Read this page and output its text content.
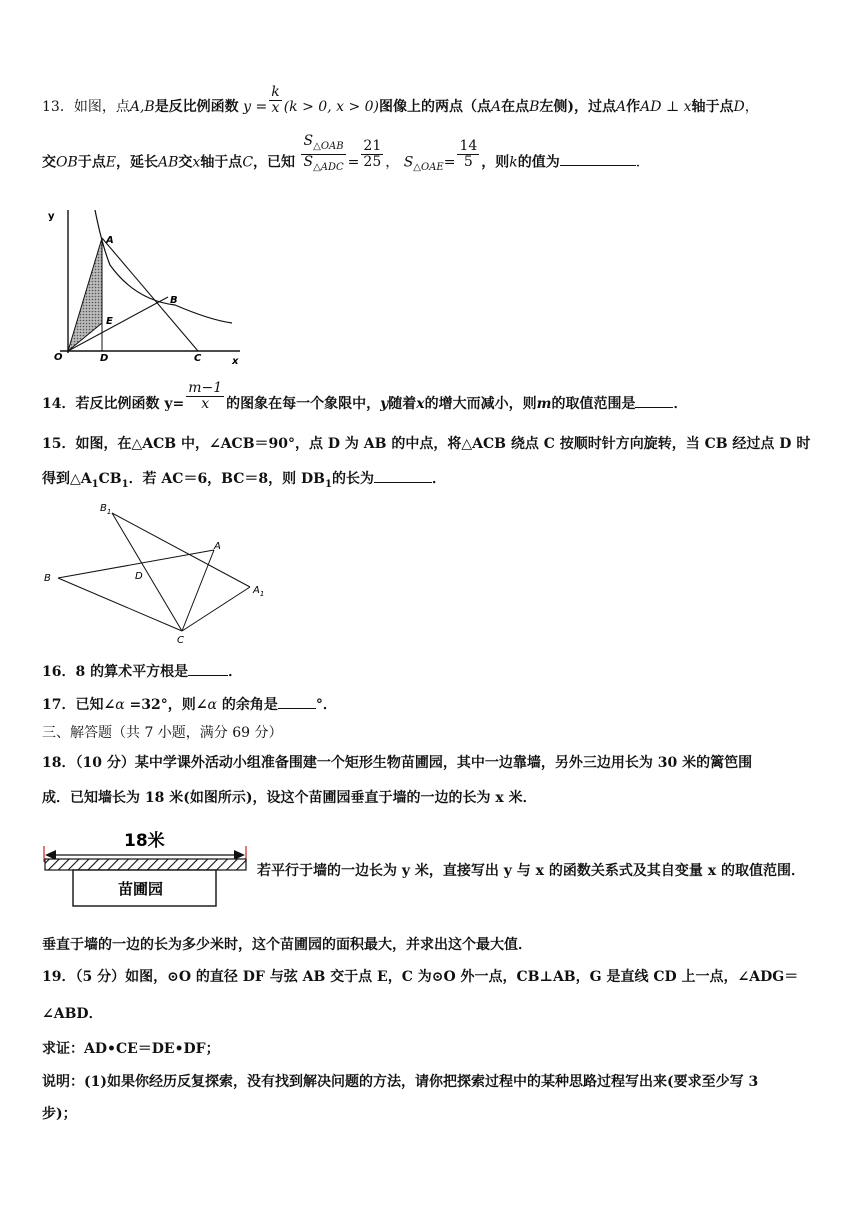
13．如图，点A,B是反比例函数 $y = \frac{k}{x} (k > 0$, x > 0)图像上的两点（点A在点B左侧)，过点A作AD ⊥ x轴于点D，
交OB于点E，延长AB交x轴于点C，已知 $\frac{S_{\triangle OAB}}{S_{\triangle ADC}} = \frac{21}{25}$ ， $S_{\triangle OAE}= \frac{14}{5}$ ，则k的值为	．
y
A
B
E
O	D	C	x
14．若反比例函数 $y= \frac{m-1}{x}$ 的图象在每一个象限中，y随着x的增大而减小，则m的取值范围是	．
15．如图，在△ACB 中，∠ACB＝90°，点 D 为 AB 的中点，将△ACB 绕点 C 按顺时针方向旋转，当 CB 经过点 D 时
得到$\triangle A_1CB_1$．若 AC＝6，BC＝8，则 $DB_1$的长为	．
$B_1$
A
B	D
$A_1$
C
16．8 的算术平方根是	．
17．已知∠α =32°，则∠α 的余角是	°．
三、解答题（共 7 小题，满分 69 分）
18．（10 分）某中学课外活动小组准备围建一个矩形生物苗圃园，其中一边靠墙，另外三边用长为 30 米的篱笆围
成．已知墙长为 18 米(如图所示)，设这个苗圃园垂直于墙的一边的长为 x 米．
18米
苗圃园
若平行于墙的一边长为 y 米，直接写出 y 与 x 的函数关系式及其自变量 x 的取值范围．
垂直于墙的一边的长为多少米时，这个苗圃园的面积最大，并求出这个最大值．
19．（5 分）如图，⊙O 的直径 DF 与弦 AB 交于点 E，C 为⊙O 外一点，CB⊥AB，G 是直线 CD 上一点，∠ADG＝
∠ABD．
求证：AD•CE＝DE•DF；
说明：(1)如果你经历反复探索，没有找到解决问题的方法，请你把探索过程中的某种思路过程写出来(要求至少写 3
步)；
